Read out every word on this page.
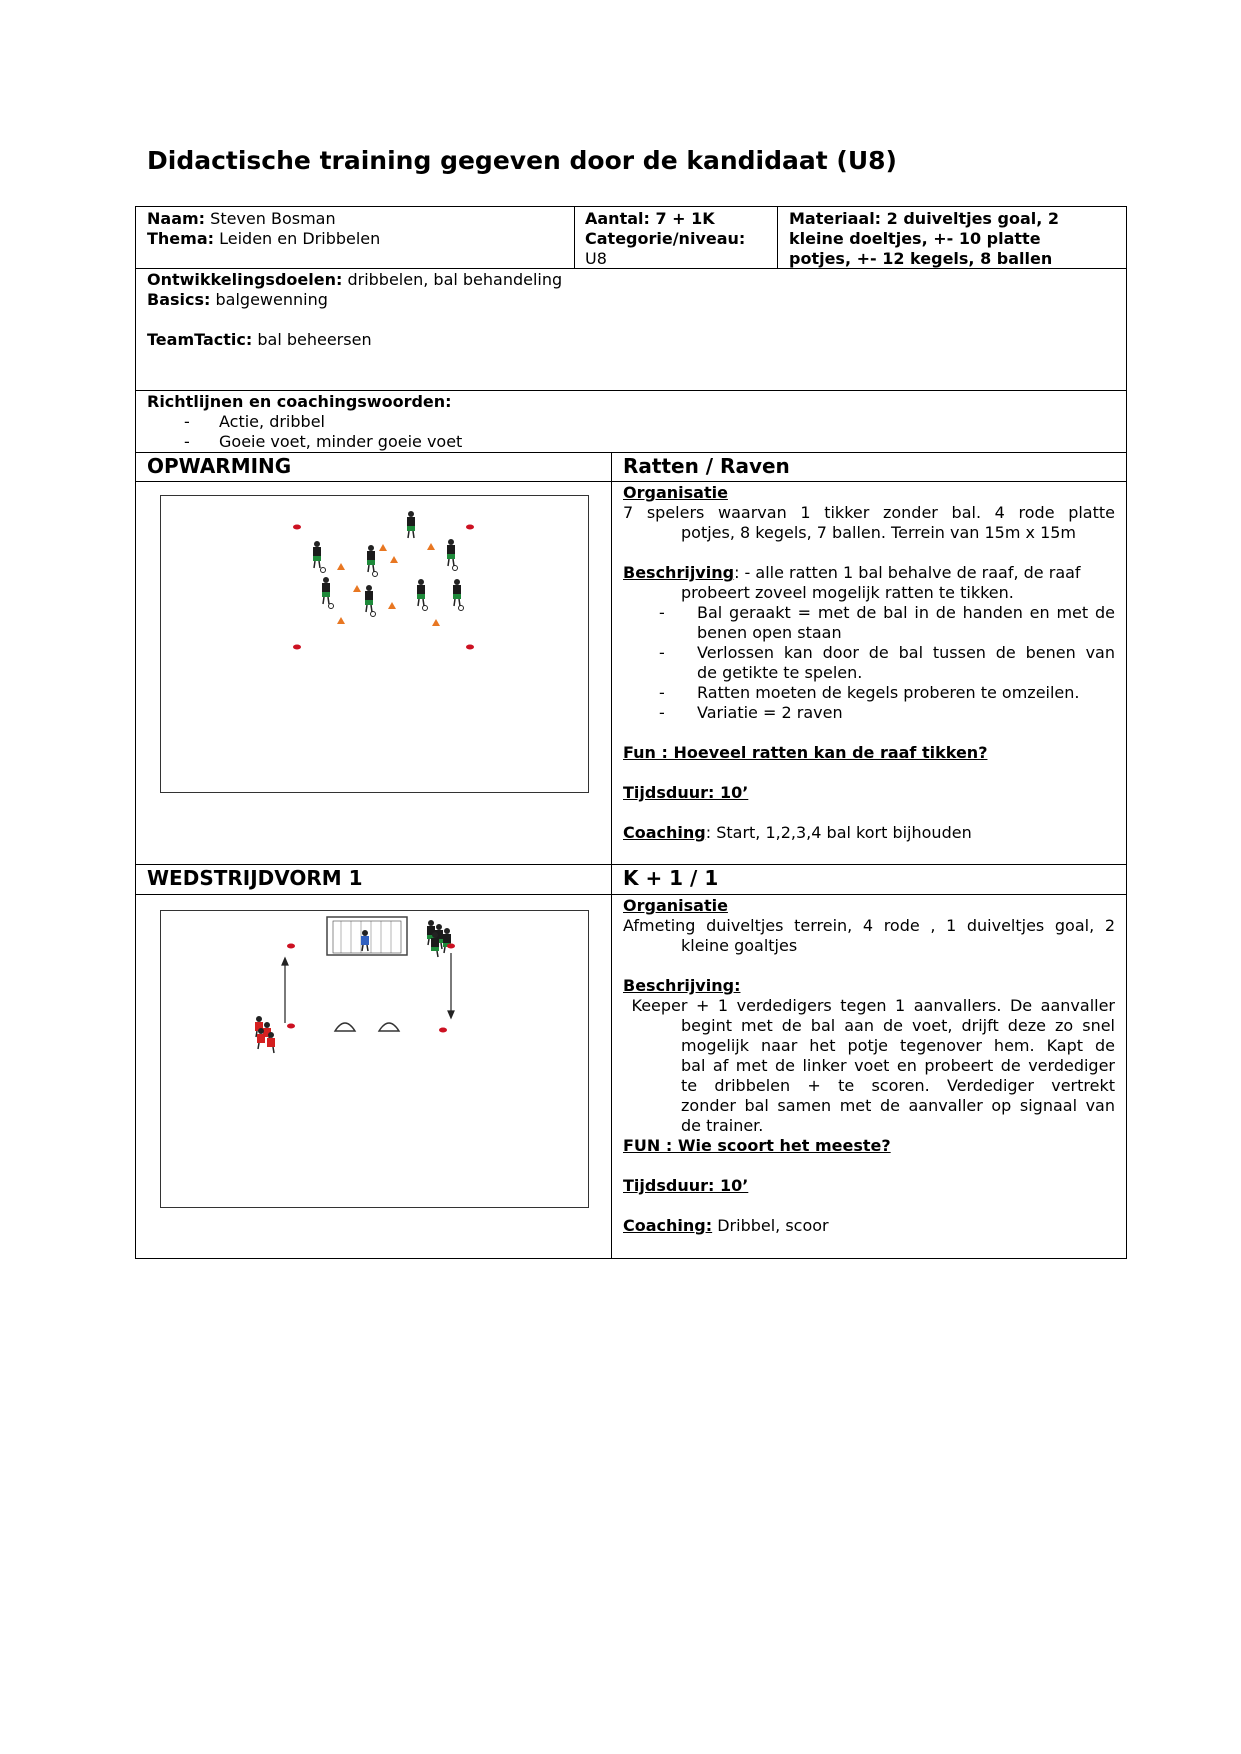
Didactische training gegeven door de kandidaat (U8)
Naam: Steven Bosman
Thema: Leiden en Dribbelen
Aantal: 7 + 1K
Categorie/niveau:
U8
Materiaal: 2 duiveltjes goal, 2
kleine doeltjes, +- 10 platte
potjes, +- 12 kegels, 8 ballen
Ontwikkelingsdoelen: dribbelen, bal behandeling
Basics: balgewenning
TeamTactic: bal beheersen
Richtlijnen en coachingswoorden:
- Actie, dribbel
- Goeie voet, minder goeie voet
OPWARMING	Ratten / Raven
Organisatie
7 spelers waarvan 1 tikker zonder bal. 4 rode platte
potjes, 8 kegels, 7 ballen. Terrein van 15m x 15m
Beschrijving: - alle ratten 1 bal behalve de raaf, de raaf
probeert zoveel mogelijk ratten te tikken.
- Bal geraakt = met de bal in de handen en met de
benen open staan
- Verlossen kan door de bal tussen de benen van
de getikte te spelen.
- Ratten moeten de kegels proberen te omzeilen.
- Variatie = 2 raven
Fun : Hoeveel ratten kan de raaf tikken?
Tijdsduur: 10’
Coaching: Start, 1,2,3,4 bal kort bijhouden
WEDSTRIJDVORM 1	K + 1 / 1
Organisatie
Afmeting duiveltjes terrein, 4 rode , 1 duiveltjes goal, 2
kleine goaltjes
Beschrijving:
Keeper + 1 verdedigers tegen 1 aanvallers. De aanvaller
begint met de bal aan de voet, drijft deze zo snel
mogelijk naar het potje tegenover hem. Kapt de
bal af met de linker voet en probeert de verdediger
te dribbelen + te scoren. Verdediger vertrekt
zonder bal samen met de aanvaller op signaal van
de trainer.
FUN : Wie scoort het meeste?
Tijdsduur: 10’
Coaching: Dribbel, scoor
